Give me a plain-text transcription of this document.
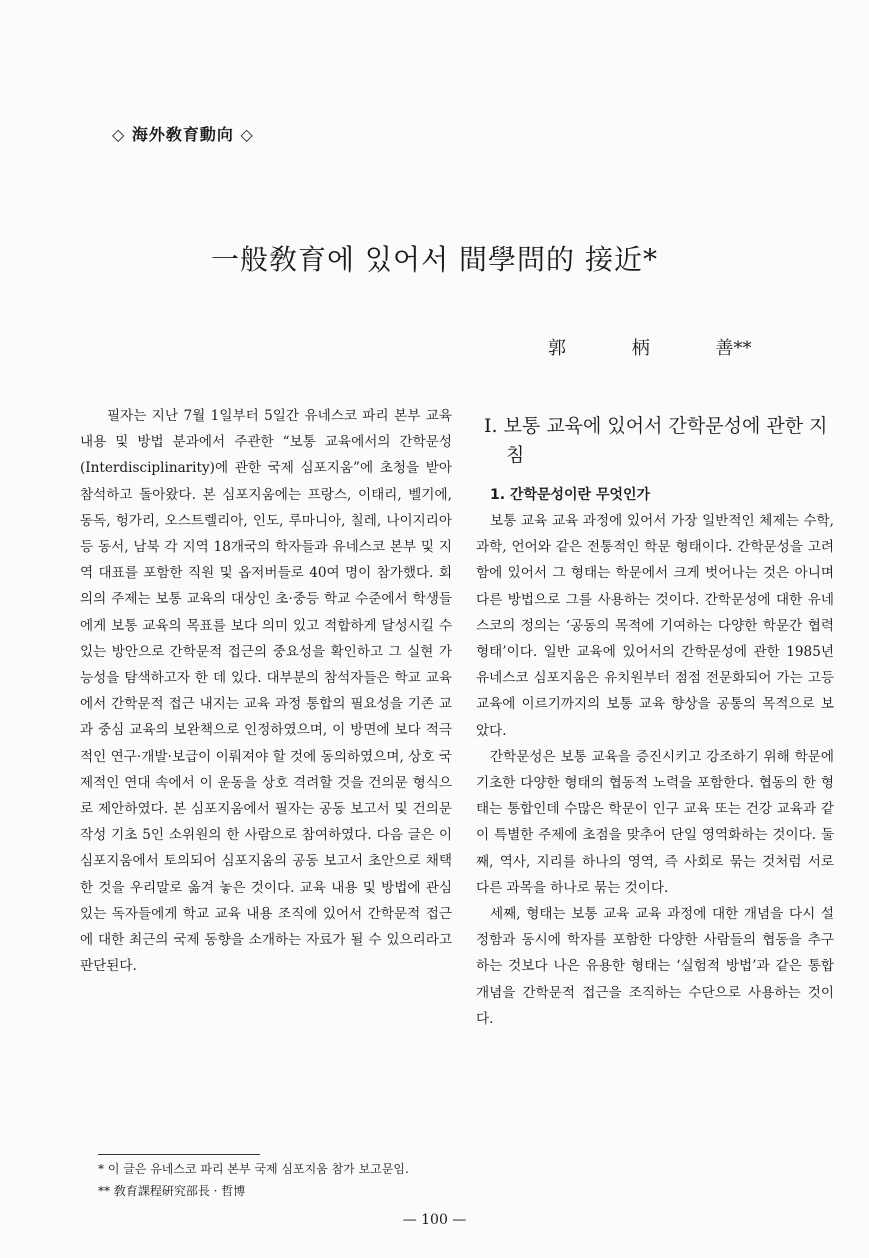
◇ 海外敎育動向 ◇
一般敎育에 있어서 間學問的 接近*
郭 柄 善**

필자는 지난 7월 1일부터 5일간 유네스코 파리 본부 교육 내용 및 방법 분과에서 주관한 “보통 교육에서의 간학문성(Interdisciplinarity)에 관한 국제 심포지움”에 초청을 받아 참석하고 돌아왔다. 본 심포지움에는 프랑스, 이태리, 벨기에, 동독, 헝가리, 오스트렐리아, 인도, 루마니아, 칠레, 나이지리아 등 동서, 남북 각 지역 18개국의 학자들과 유네스코 본부 및 지역 대표를 포함한 직원 및 옵저버들로 40여 명이 참가했다. 회의의 주제는 보통 교육의 대상인 초·중등 학교 수준에서 학생들에게 보통 교육의 목표를 보다 의미 있고 적합하게 달성시킬 수 있는 방안으로 간학문적 접근의 중요성을 확인하고 그 실현 가능성을 탐색하고자 한 데 있다. 대부분의 참석자들은 학교 교육에서 간학문적 접근 내지는 교육 과정 통합의 필요성을 기존 교과 중심 교육의 보완책으로 인정하였으며, 이 방면에 보다 적극적인 연구·개발·보급이 이뤄져야 할 것에 동의하였으며, 상호 국제적인 연대 속에서 이 운동을 상호 격려할 것을 건의문 형식으로 제안하였다. 본 심포지움에서 필자는 공동 보고서 및 건의문 작성 기초 5인 소위원의 한 사람으로 참여하였다. 다음 글은 이 심포지움에서 토의되어 심포지움의 공동 보고서 초안으로 채택한 것을 우리말로 옮겨 놓은 것이다. 교육 내용 및 방법에 관심 있는 독자들에게 학교 교육 내용 조직에 있어서 간학문적 접근에 대한 최근의 국제 동향을 소개하는 자료가 될 수 있으리라고 판단된다.

Ⅰ. 보통 교육에 있어서 간학문성에 관한 지침
1. 간학문성이란 무엇인가

보통 교육 교육 과정에 있어서 가장 일반적인 체제는 수학, 과학, 언어와 같은 전통적인 학문 형태이다. 간학문성을 고려함에 있어서 그 형태는 학문에서 크게 벗어나는 것은 아니며 다른 방법으로 그를 사용하는 것이다. 간학문성에 대한 유네스코의 정의는 ‘공동의 목적에 기여하는 다양한 학문간 협력 형태’이다. 일반 교육에 있어서의 간학문성에 관한 1985년 유네스코 심포지움은 유치원부터 점점 전문화되어 가는 고등 교육에 이르기까지의 보통 교육 향상을 공통의 목적으로 보았다.

간학문성은 보통 교육을 증진시키고 강조하기 위해 학문에 기초한 다양한 형태의 협동적 노력을 포함한다. 협동의 한 형태는 통합인데 수많은 학문이 인구 교육 또는 건강 교육과 같이 특별한 주제에 초점을 맞추어 단일 영역화하는 것이다. 둘째, 역사, 지리를 하나의 영역, 즉 사회로 묶는 것처럼 서로 다른 과목을 하나로 묶는 것이다.

세째, 형태는 보통 교육 교육 과정에 대한 개념을 다시 설정함과 동시에 학자를 포함한 다양한 사람들의 협동을 추구하는 것보다 나은 유용한 형태는 ‘실험적 방법’과 같은 통합 개념을 간학문적 접근을 조직하는 수단으로 사용하는 것이다.

* 이 글은 유네스코 파리 본부 국제 심포지움 참가 보고문임.
** 敎育課程硏究部長 · 哲博
— 100 —
